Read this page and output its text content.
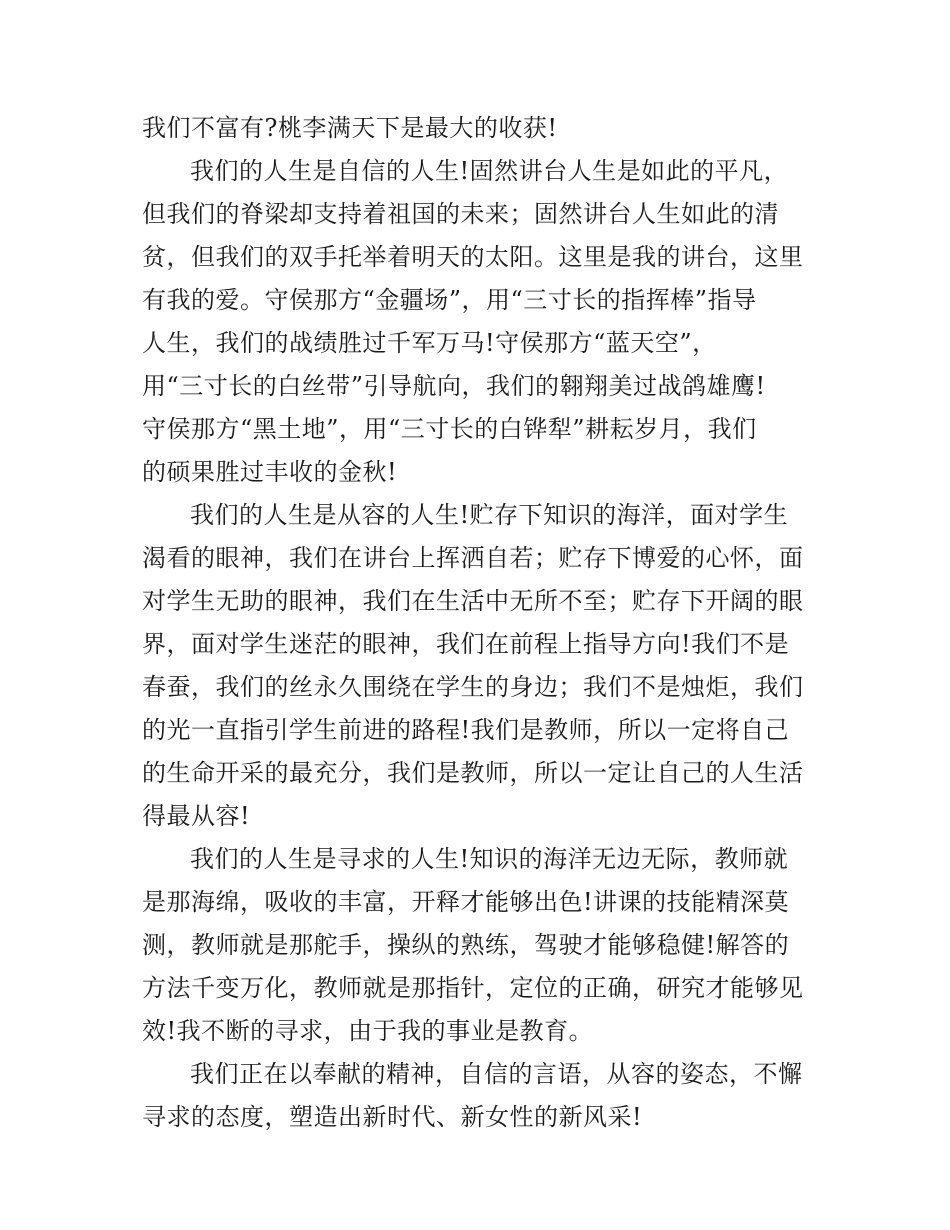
我们不富有?桃李满天下是最大的收获!
我们的人生是自信的人生!固然讲台人生是如此的平凡，
但我们的脊梁却支持着祖国的未来；固然讲台人生如此的清
贫，但我们的双手托举着明天的太阳。这里是我的讲台，这里
有我的爱。守侯那方“金疆场”，用“三寸长的指挥棒”指导
人生，我们的战绩胜过千军万马!守侯那方“蓝天空”，
用“三寸长的白丝带”引导航向，我们的翱翔美过战鸽雄鹰!
守侯那方“黑土地”，用“三寸长的白铧犁”耕耘岁月，我们
的硕果胜过丰收的金秋!
我们的人生是从容的人生!贮存下知识的海洋，面对学生
渴看的眼神，我们在讲台上挥洒自若；贮存下博爱的心怀，面
对学生无助的眼神，我们在生活中无所不至；贮存下开阔的眼
界，面对学生迷茫的眼神，我们在前程上指导方向!我们不是
春蚕，我们的丝永久围绕在学生的身边；我们不是烛炬，我们
的光一直指引学生前进的路程!我们是教师，所以一定将自己
的生命开采的最充分，我们是教师，所以一定让自己的人生活
得最从容!
我们的人生是寻求的人生!知识的海洋无边无际，教师就
是那海绵，吸收的丰富，开释才能够出色!讲课的技能精深莫
测，教师就是那舵手，操纵的熟练，驾驶才能够稳健!解答的
方法千变万化，教师就是那指针，定位的正确，研究才能够见
效!我不断的寻求，由于我的事业是教育。
我们正在以奉献的精神，自信的言语，从容的姿态，不懈
寻求的态度，塑造出新时代、新女性的新风采!
